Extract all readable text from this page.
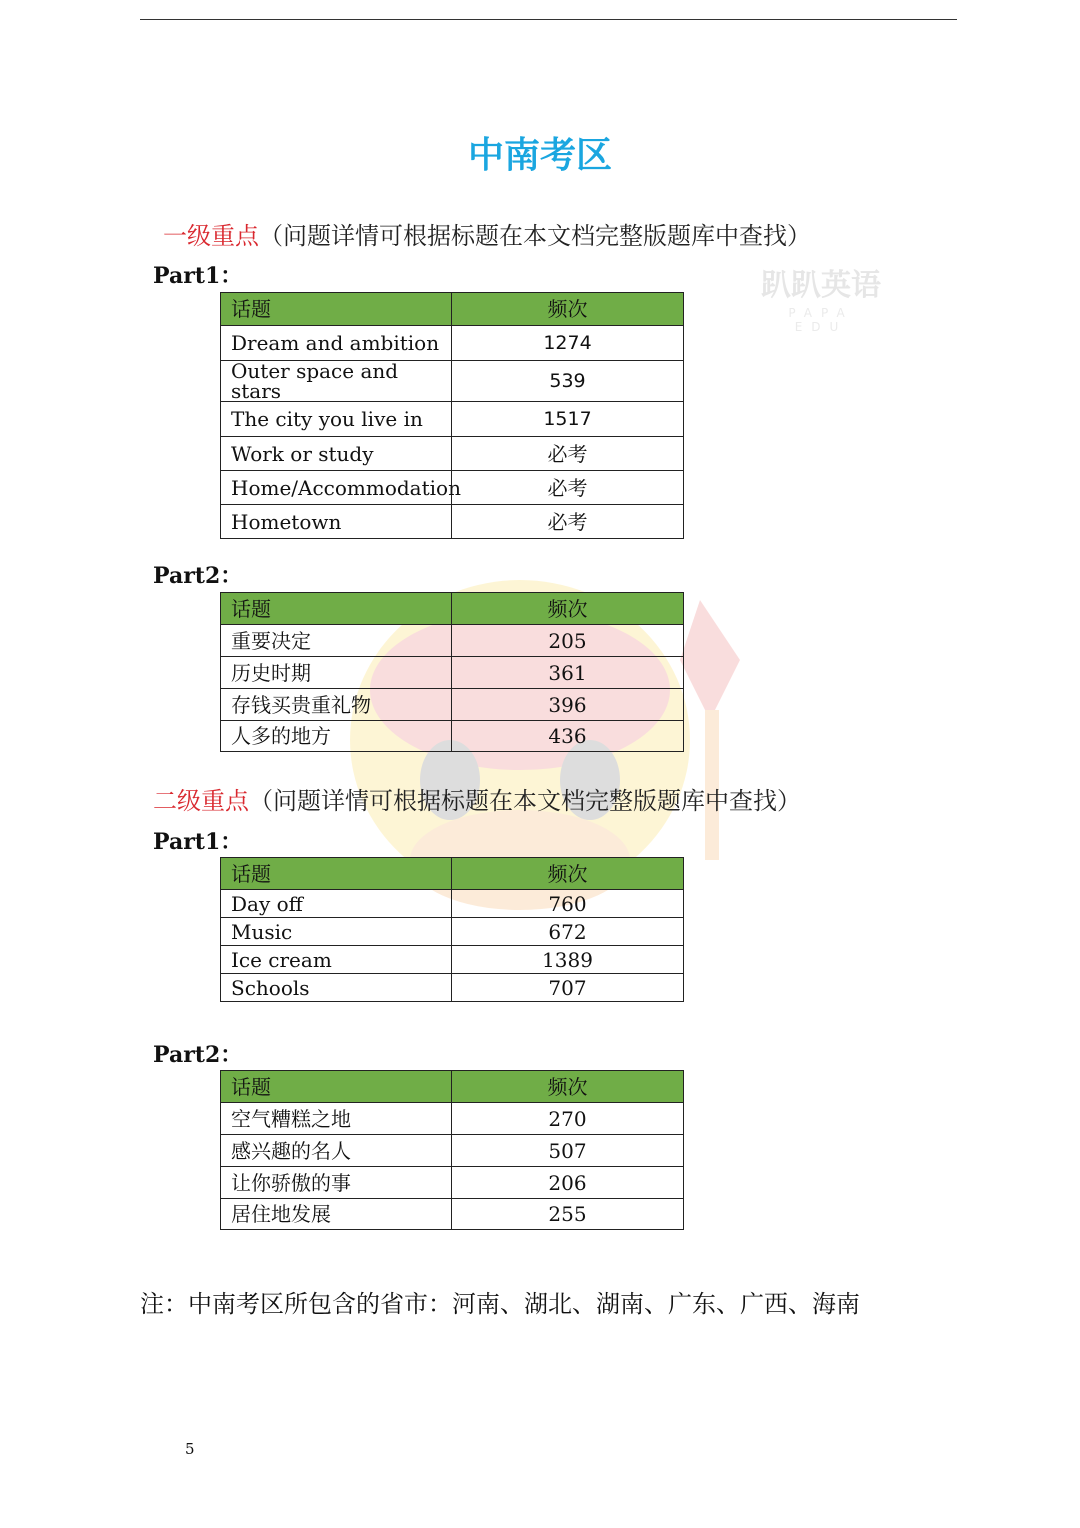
趴趴英语
PAPA EDU
中南考区
一级重点（问题详情可根据标题在本文档完整版题库中查找）
Part1：
话题	频次
Dream and ambition	1274
Outer space and stars	539
The city you live in	1517
Work or study	必考
Home/Accommodation	必考
Hometown	必考
Part2：
话题	频次
重要决定	205
历史时期	361
存钱买贵重礼物	396
人多的地方	436
二级重点（问题详情可根据标题在本文档完整版题库中查找）
Part1：
话题	频次
Day off	760
Music	672
Ice cream	1389
Schools	707
Part2：
话题	频次
空气糟糕之地	270
感兴趣的名人	507
让你骄傲的事	206
居住地发展	255
注：中南考区所包含的省市：河南、湖北、湖南、广东、广西、海南
5
